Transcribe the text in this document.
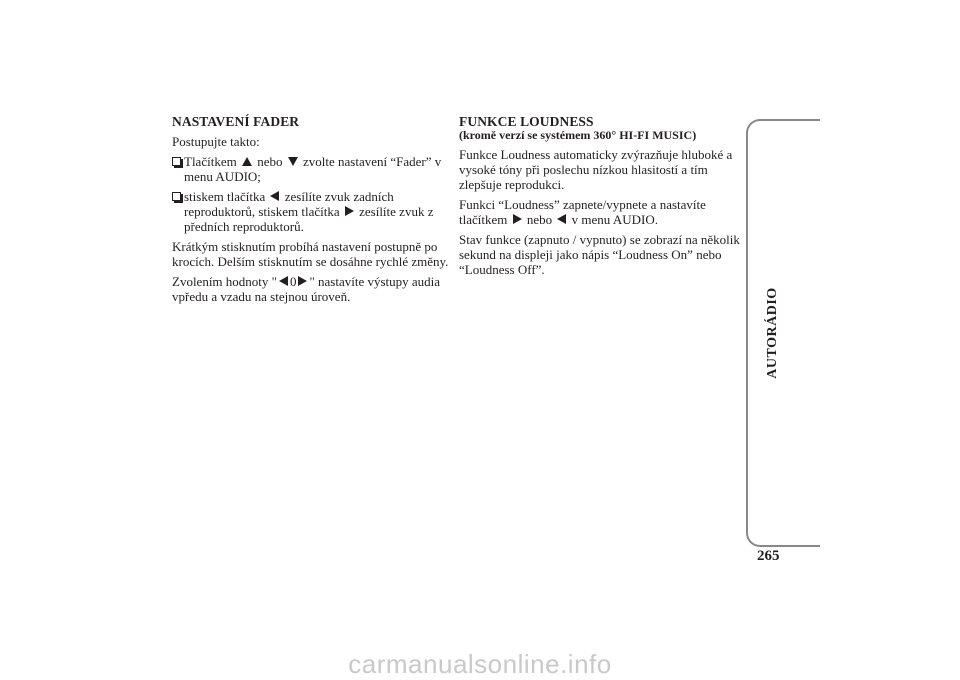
NASTAVENÍ FADER

Postupujte takto:

Tlačítkem nebo zvolte nastavení “Fader” v menu AUDIO;
stiskem tlačítka zesílíte zvuk zadních reproduktorů, stiskem tlačítka zesílíte zvuk z předních reproduktorů.

Krátkým stisknutím probíhá nastavení postupně po krocích. Delším stisknutím se dosáhne rychlé změny.

Zvolením hodnoty " 0 " nastavíte výstupy audia vpředu a vzadu na stejnou úroveň.

FUNKCE LOUDNESS
(kromě verzí se systémem 360° HI-FI MUSIC)

Funkce Loudness automaticky zvýrazňuje hluboké a vysoké tóny při poslechu nízkou hlasitostí a tím zlepšuje reprodukci.

Funkci “Loudness” zapnete/vypnete a nastavíte tlačítkem nebo v menu AUDIO.

Stav funkce (zapnuto / vypnuto) se zobrazí na několik sekund na displeji jako nápis “Loudness On” nebo “Loudness Off”.

AUTORÁDIO
265
carmanualsonline.info
